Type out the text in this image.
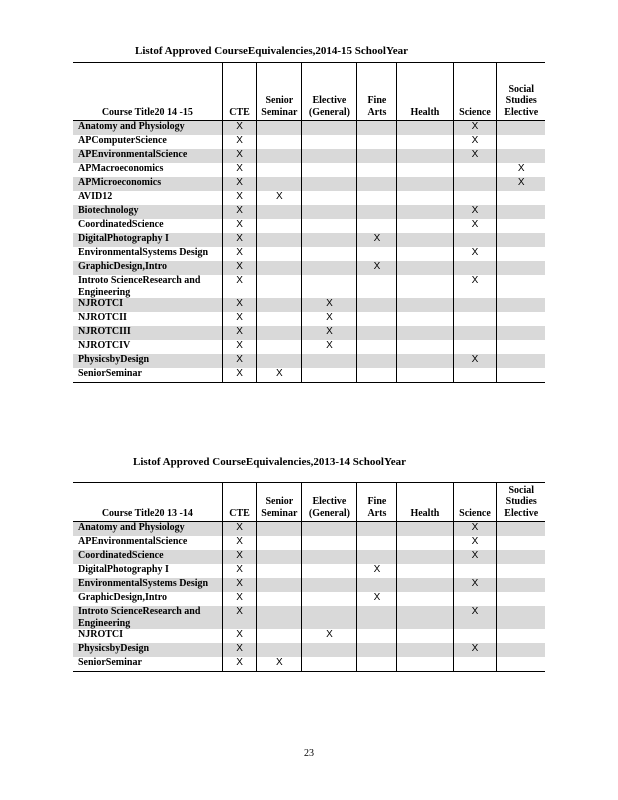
Listof Approved CourseEquivalencies,2014-15 SchoolYear
Course Title20 14 -15	CTE	Senior Seminar	Elective (General)	Fine Arts	Health	Science	Social Studies Elective
Anatomy and Physiology	X					X	
APComputerScience	X					X	
APEnvironmentalScience	X					X	
APMacroeconomics	X						X
APMicroeconomics	X						X
AVID12	X	X					
Biotechnology	X					X	
CoordinatedScience	X					X	
DigitalPhotography I	X			X			
EnvironmentalSystems Design	X					X	
GraphicDesign,Intro	X			X			
Introto ScienceResearch and Engineering	X					X	
NJROTCI	X		X				
NJROTCII	X		X				
NJROTCIII	X		X				
NJROTCIV	X		X				
PhysicsbyDesign	X					X	
SeniorSeminar	X	X					
Listof Approved CourseEquivalencies,2013-14 SchoolYear
Course Title20 13 -14	CTE	Senior Seminar	Elective (General)	Fine Arts	Health	Science	Social Studies Elective
Anatomy and Physiology	X					X	
APEnvironmentalScience	X					X	
CoordinatedScience	X					X	
DigitalPhotography I	X			X			
EnvironmentalSystems Design	X					X	
GraphicDesign,Intro	X			X			
Introto ScienceResearch and Engineering	X					X	
NJROTCI	X		X				
PhysicsbyDesign	X					X	
SeniorSeminar	X	X					
23
